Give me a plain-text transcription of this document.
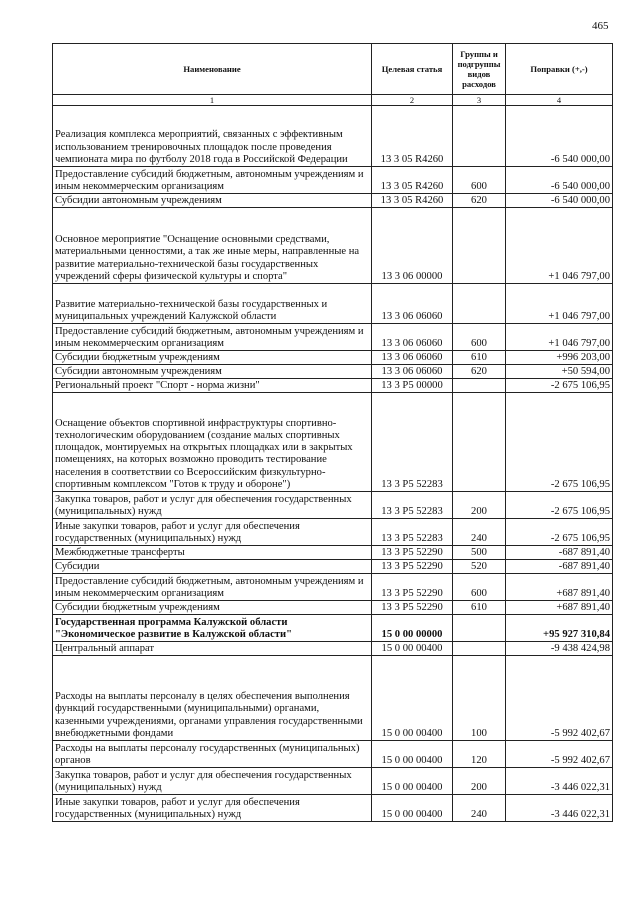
465
Наименование	Целевая статья	Группы и подгруппы видов расходов	Поправки (+,-)
1	2	3	4
Реализация комплекса мероприятий, связанных с эффективным использованием тренировочных площадок после проведения чемпионата мира по футболу 2018 года в Российской Федерации	13 3 05 R4260		-6 540 000,00
Предоставление субсидий бюджетным, автономным учреждениям и иным некоммерческим организациям	13 3 05 R4260	600	-6 540 000,00
Субсидии автономным учреждениям	13 3 05 R4260	620	-6 540 000,00
Основное мероприятие "Оснащение основными средствами, материальными ценностями, а так же иные меры, направленные на развитие материально-технической базы государственных учреждений сферы физической культуры и спорта"	13 3 06 00000		+1 046 797,00
Развитие материально-технической базы государственных и муниципальных учреждений Калужской области	13 3 06 06060		+1 046 797,00
Предоставление субсидий бюджетным, автономным учреждениям и иным некоммерческим организациям	13 3 06 06060	600	+1 046 797,00
Субсидии бюджетным учреждениям	13 3 06 06060	610	+996 203,00
Субсидии автономным учреждениям	13 3 06 06060	620	+50 594,00
Региональный проект "Спорт - норма жизни"	13 3 P5 00000		-2 675 106,95
Оснащение объектов спортивной инфраструктуры спортивно-технологическим оборудованием (создание малых спортивных площадок, монтируемых на открытых площадках или в закрытых помещениях, на которых возможно проводить тестирование населения в соответствии со Всероссийским физкультурно-спортивным комплексом "Готов к труду и обороне")	13 3 P5 52283		-2 675 106,95
Закупка товаров, работ и услуг для обеспечения государственных (муниципальных) нужд	13 3 P5 52283	200	-2 675 106,95
Иные закупки товаров, работ и услуг для обеспечения государственных (муниципальных) нужд	13 3 P5 52283	240	-2 675 106,95
Межбюджетные трансферты	13 3 P5 52290	500	-687 891,40
Субсидии	13 3 P5 52290	520	-687 891,40
Предоставление субсидий бюджетным, автономным учреждениям и иным некоммерческим организациям	13 3 P5 52290	600	+687 891,40
Субсидии бюджетным учреждениям	13 3 P5 52290	610	+687 891,40
Государственная программа Калужской области "Экономическое развитие в Калужской области"	15 0 00 00000		+95 927 310,84
Центральный аппарат	15 0 00 00400		-9 438 424,98
Расходы на выплаты персоналу в целях обеспечения выполнения функций государственными (муниципальными) органами, казенными учреждениями, органами управления государственными внебюджетными фондами	15 0 00 00400	100	-5 992 402,67
Расходы на выплаты персоналу государственных (муниципальных) органов	15 0 00 00400	120	-5 992 402,67
Закупка товаров, работ и услуг для обеспечения государственных (муниципальных) нужд	15 0 00 00400	200	-3 446 022,31
Иные закупки товаров, работ и услуг для обеспечения государственных (муниципальных) нужд	15 0 00 00400	240	-3 446 022,31
